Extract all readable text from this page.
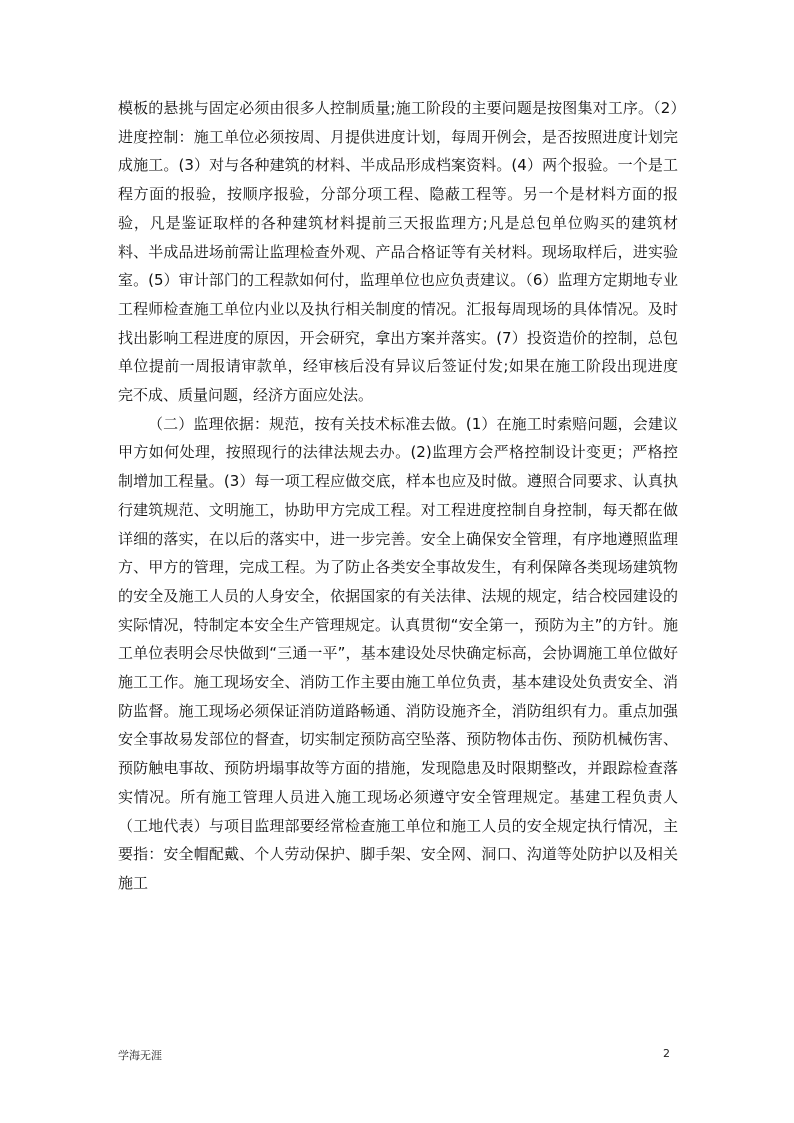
模板的悬挑与固定必须由很多人控制质量;施工阶段的主要问题是按图集对工序。（2）进度控制：施工单位必须按周、月提供进度计划，每周开例会，是否按照进度计划完成施工。(3）对与各种建筑的材料、半成品形成档案资料。(4）两个报验。一个是工程方面的报验，按顺序报验，分部分项工程、隐蔽工程等。另一个是材料方面的报验，凡是鉴证取样的各种建筑材料提前三天报监理方;凡是总包单位购买的建筑材料、半成品进场前需让监理检查外观、产品合格证等有关材料。现场取样后，进实验室。(5）审计部门的工程款如何付，监理单位也应负责建议。（6）监理方定期地专业工程师检查施工单位内业以及执行相关制度的情况。汇报每周现场的具体情况。及时找出影响工程进度的原因，开会研究，拿出方案并落实。(7）投资造价的控制，总包单位提前一周报请审款单，经审核后没有异议后签证付发;如果在施工阶段出现进度完不成、质量问题，经济方面应处法。

（二）监理依据：规范，按有关技术标准去做。(1）在施工时索赔问题，会建议甲方如何处理，按照现行的法律法规去办。(2)监理方会严格控制设计变更；严格控制增加工程量。(3）每一项工程应做交底，样本也应及时做。遵照合同要求、认真执行建筑规范、文明施工，协助甲方完成工程。对工程进度控制自身控制，每天都在做详细的落实，在以后的落实中，进一步完善。安全上确保安全管理，有序地遵照监理方、甲方的管理，完成工程。为了防止各类安全事故发生，有利保障各类现场建筑物的安全及施工人员的人身安全，依据国家的有关法律、法规的规定，结合校园建设的实际情况，特制定本安全生产管理规定。认真贯彻“安全第一，预防为主”的方针。施工单位表明会尽快做到“三通一平”，基本建设处尽快确定标高，会协调施工单位做好施工工作。施工现场安全、消防工作主要由施工单位负责，基本建设处负责安全、消防监督。施工现场必须保证消防道路畅通、消防设施齐全，消防组织有力。重点加强安全事故易发部位的督查，切实制定预防高空坠落、预防物体击伤、预防机械伤害、预防触电事故、预防坍塌事故等方面的措施，发现隐患及时限期整改，并跟踪检查落实情况。所有施工管理人员进入施工现场必须遵守安全管理规定。基建工程负责人（工地代表）与项目监理部要经常检查施工单位和施工人员的安全规定执行情况，主要指：安全帽配戴、个人劳动保护、脚手架、安全网、洞口、沟道等处防护以及相关施工

学海无涯	2
